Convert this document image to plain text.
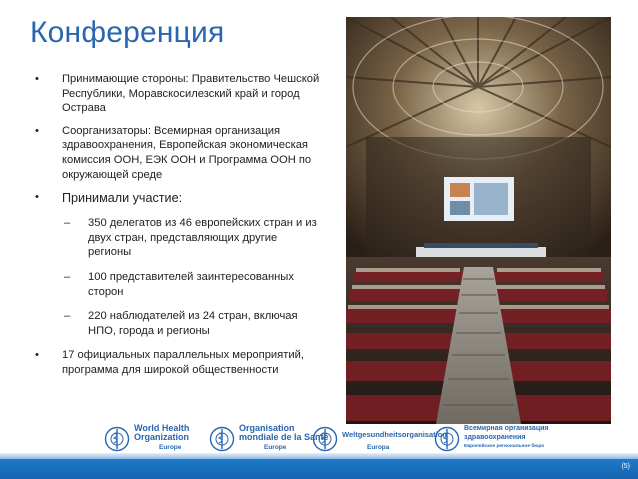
Конференция
• Принимающие стороны: Правительство Чешской Республики, Моравскосилезский край и город Острава
• Соорганизаторы: Всемирная организация здравоохранения, Европейская экономическая комиссия ООН, ЕЭК ООН и Программа ООН по окружающей среде
• Принимали участие:
– 350 делегатов из 46 европейских стран и из двух стран, представляющих другие регионы
– 100 представителей заинтересованных сторон
– 220 наблюдателей из 24 стран, включая НПО, города и регионы
• 17 официальных параллельных мероприятий, программа для широкой общественности
World Health
Organization
Europe
Organisation
mondiale de la Santé
Europe
Weltgesundheitsorganisation
Europa
Всемирная организация
здравоохранения
Европейское региональное бюро
(5)
